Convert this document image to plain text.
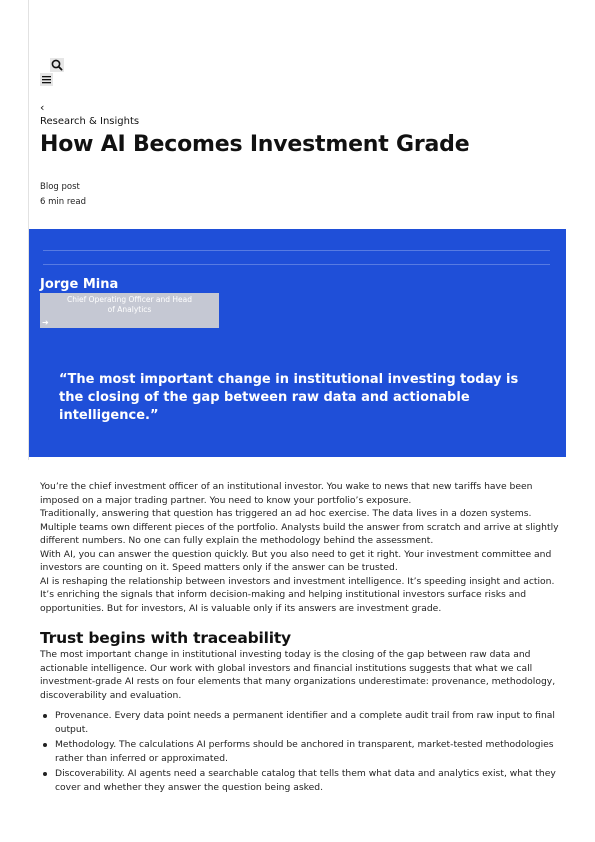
‹
Research & Insights
How AI Becomes Investment Grade
Blog post
6 min read
Jorge Mina
Chief Operating Officer and Head of Analytics
➜

“The most important change in institutional investing today is the closing of the gap between raw data and actionable intelligence.”

You’re the chief investment officer of an institutional investor. You wake to news that new tariffs have been imposed on a major trading partner. You need to know your portfolio’s exposure.

Traditionally, answering that question has triggered an ad hoc exercise. The data lives in a dozen systems. Multiple teams own different pieces of the portfolio. Analysts build the answer from scratch and arrive at slightly different numbers. No one can fully explain the methodology behind the assessment.

With AI, you can answer the question quickly. But you also need to get it right. Your investment committee and investors are counting on it. Speed matters only if the answer can be trusted.

AI is reshaping the relationship between investors and investment intelligence. It’s speeding insight and action. It’s enriching the signals that inform decision-making and helping institutional investors surface risks and opportunities. But for investors, AI is valuable only if its answers are investment grade.

Trust begins with traceability

The most important change in institutional investing today is the closing of the gap between raw data and actionable intelligence. Our work with global investors and financial institutions suggests that what we call investment-grade AI rests on four elements that many organizations underestimate: provenance, methodology, discoverability and evaluation.

Provenance. Every data point needs a permanent identifier and a complete audit trail from raw input to final output.
Methodology. The calculations AI performs should be anchored in transparent, market-tested methodologies rather than inferred or approximated.
Discoverability. AI agents need a searchable catalog that tells them what data and analytics exist, what they cover and whether they answer the question being asked.
